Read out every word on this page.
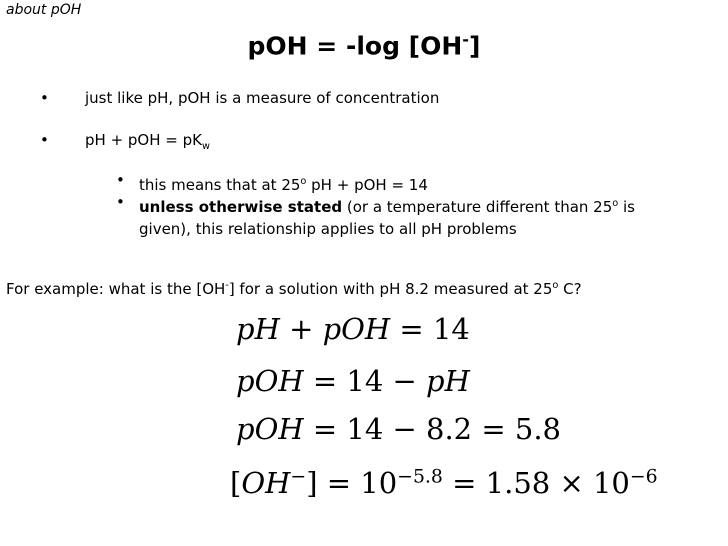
about pOH
pOH = -log [OH-]
• just like pH, pOH is a measure of concentration
• pH + pOH = $pK_w$
• this means that at 25$^o$ pH + pOH = 14
• unless otherwise stated (or a temperature different than 25$^o$ is given), this relationship applies to all pH problems
For example: what is the [OH-] for a solution with pH 8.2 measured at 25$^o$ C?
pH + pOH = 14
pOH = 14 − pH
pOH = 14 − 8.2 = 5.8
$[OH^-] = 10^{-5.8} = 1.58 \times 10^{-6}$
